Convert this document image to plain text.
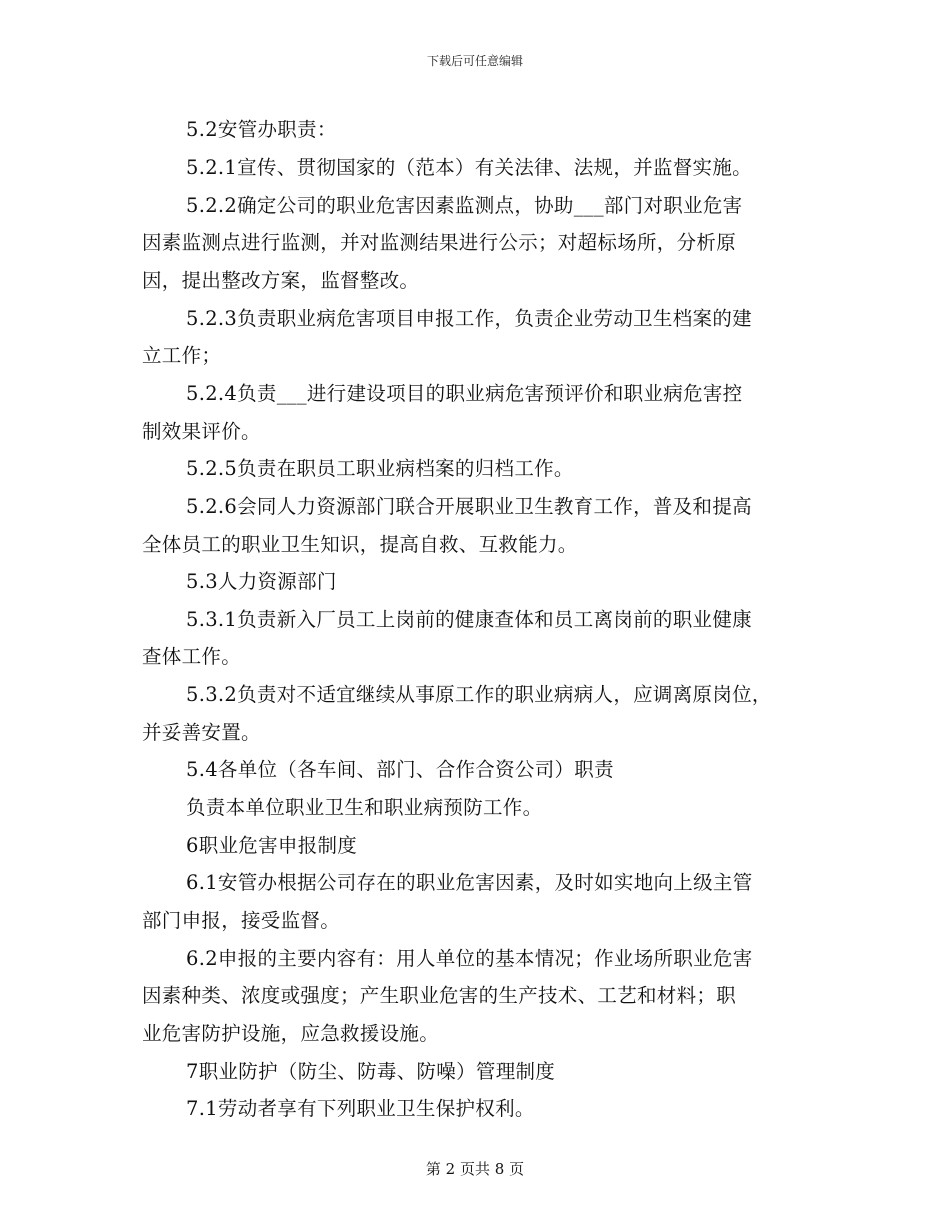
下载后可任意编辑
5.2安管办职责：
5.2.1宣传、贯彻国家的（范本）有关法律、法规，并监督实施。
5.2.2确定公司的职业危害因素监测点，协助___部门对职业危害
因素监测点进行监测，并对监测结果进行公示；对超标场所，分析原
因，提出整改方案，监督整改。
5.2.3负责职业病危害项目申报工作，负责企业劳动卫生档案的建
立工作；
5.2.4负责___进行建设项目的职业病危害预评价和职业病危害控
制效果评价。
5.2.5负责在职员工职业病档案的归档工作。
5.2.6会同人力资源部门联合开展职业卫生教育工作，普及和提高
全体员工的职业卫生知识，提高自救、互救能力。
5.3人力资源部门
5.3.1负责新入厂员工上岗前的健康查体和员工离岗前的职业健康
查体工作。
5.3.2负责对不适宜继续从事原工作的职业病病人，应调离原岗位，
并妥善安置。
5.4各单位（各车间、部门、合作合资公司）职责
负责本单位职业卫生和职业病预防工作。
6职业危害申报制度
6.1安管办根据公司存在的职业危害因素，及时如实地向上级主管
部门申报，接受监督。
6.2申报的主要内容有：用人单位的基本情况；作业场所职业危害
因素种类、浓度或强度；产生职业危害的生产技术、工艺和材料；职
业危害防护设施，应急救援设施。
7职业防护（防尘、防毒、防噪）管理制度
7.1劳动者享有下列职业卫生保护权利。
第 2 页共 8 页
